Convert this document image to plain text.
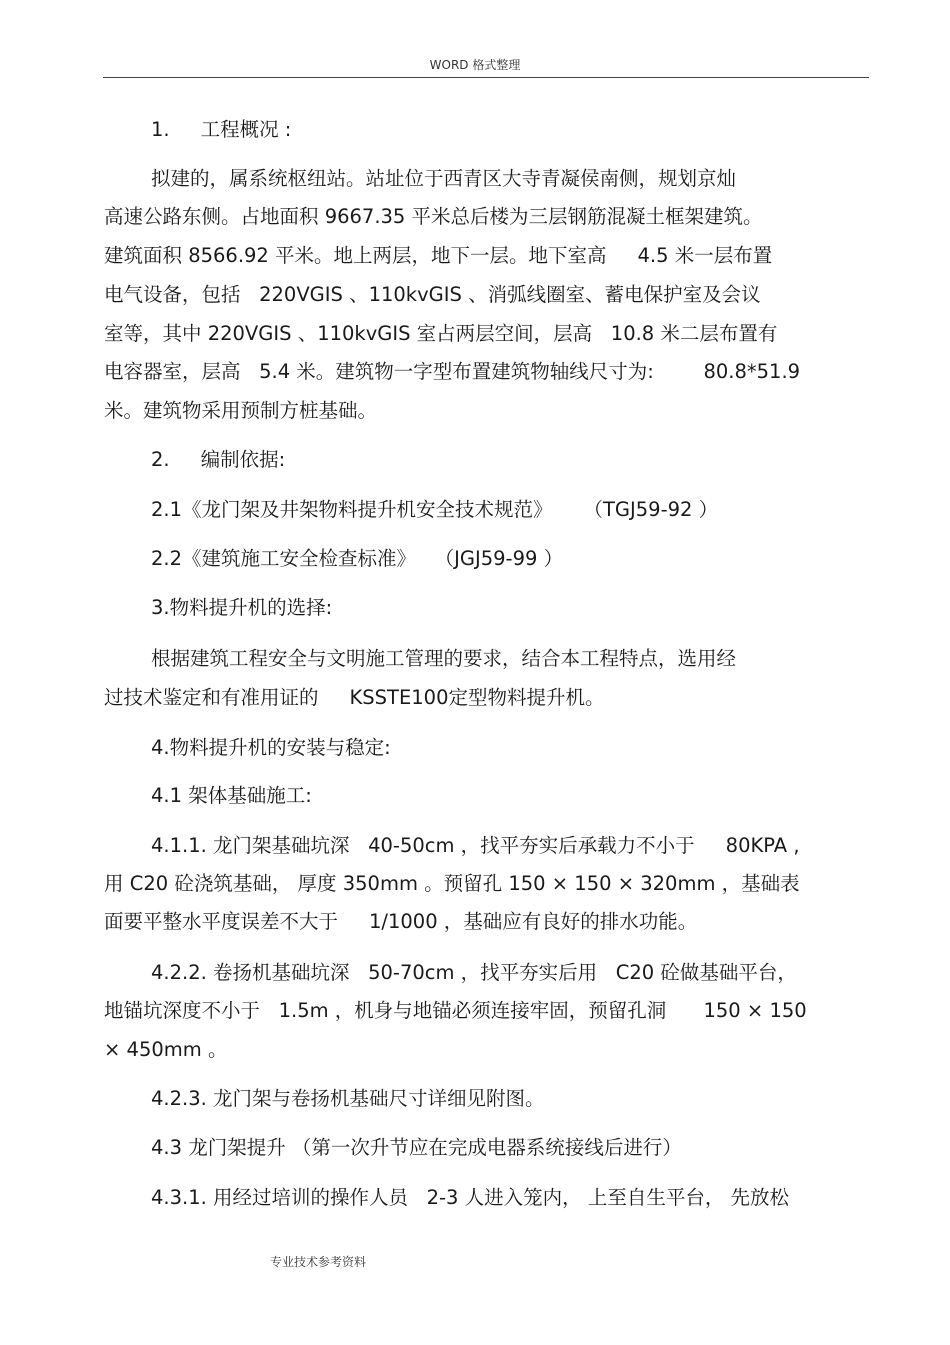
WORD 格式整理
1.     工程概况 :
拟建的，属系统枢纽站。站址位于西青区大寺青凝侯南侧，规划京灿
高速公路东侧。占地面积 9667.35 平米总后楼为三层钢筋混凝土框架建筑。
建筑面积 8566.92 平米。地上两层，地下一层。地下室高     4.5 米一层布置
电气设备，包括   220VGIS 、110kvGIS 、消弧线圈室、蓄电保护室及会议
室等，其中 220VGIS 、110kvGIS 室占两层空间，层高   10.8 米二层布置有
电容器室，层高   5.4 米。建筑物一字型布置建筑物轴线尺寸为:        80.8*51.9
米。建筑物采用预制方桩基础。
2.     编制依据:
2.1《龙门架及井架物料提升机安全技术规范》     （TGJ59-92 ）
2.2《建筑施工安全检查标准》   （JGJ59-99 ）
3.物料提升机的选择:
根据建筑工程安全与文明施工管理的要求，结合本工程特点，选用经
过技术鉴定和有准用证的     KSSTE100定型物料提升机。
4.物料提升机的安装与稳定:
4.1 架体基础施工:
4.1.1. 龙门架基础坑深   40-50cm ，找平夯实后承载力不小于     80KPA ,
用 C20 砼浇筑基础， 厚度 350mm 。预留孔 150 × 150 × 320mm ，基础表
面要平整水平度误差不大于     1/1000 ，基础应有良好的排水功能。
4.2.2. 卷扬机基础坑深   50-70cm ，找平夯实后用   C20 砼做基础平台，
地锚坑深度不小于   1.5m ，机身与地锚必须连接牢固，预留孔洞      150 × 150
× 450mm 。
4.2.3. 龙门架与卷扬机基础尺寸详细见附图。
4.3 龙门架提升 （第一次升节应在完成电器系统接线后进行）
4.3.1. 用经过培训的操作人员   2-3 人进入笼内， 上至自生平台， 先放松
专业技术参考资料
